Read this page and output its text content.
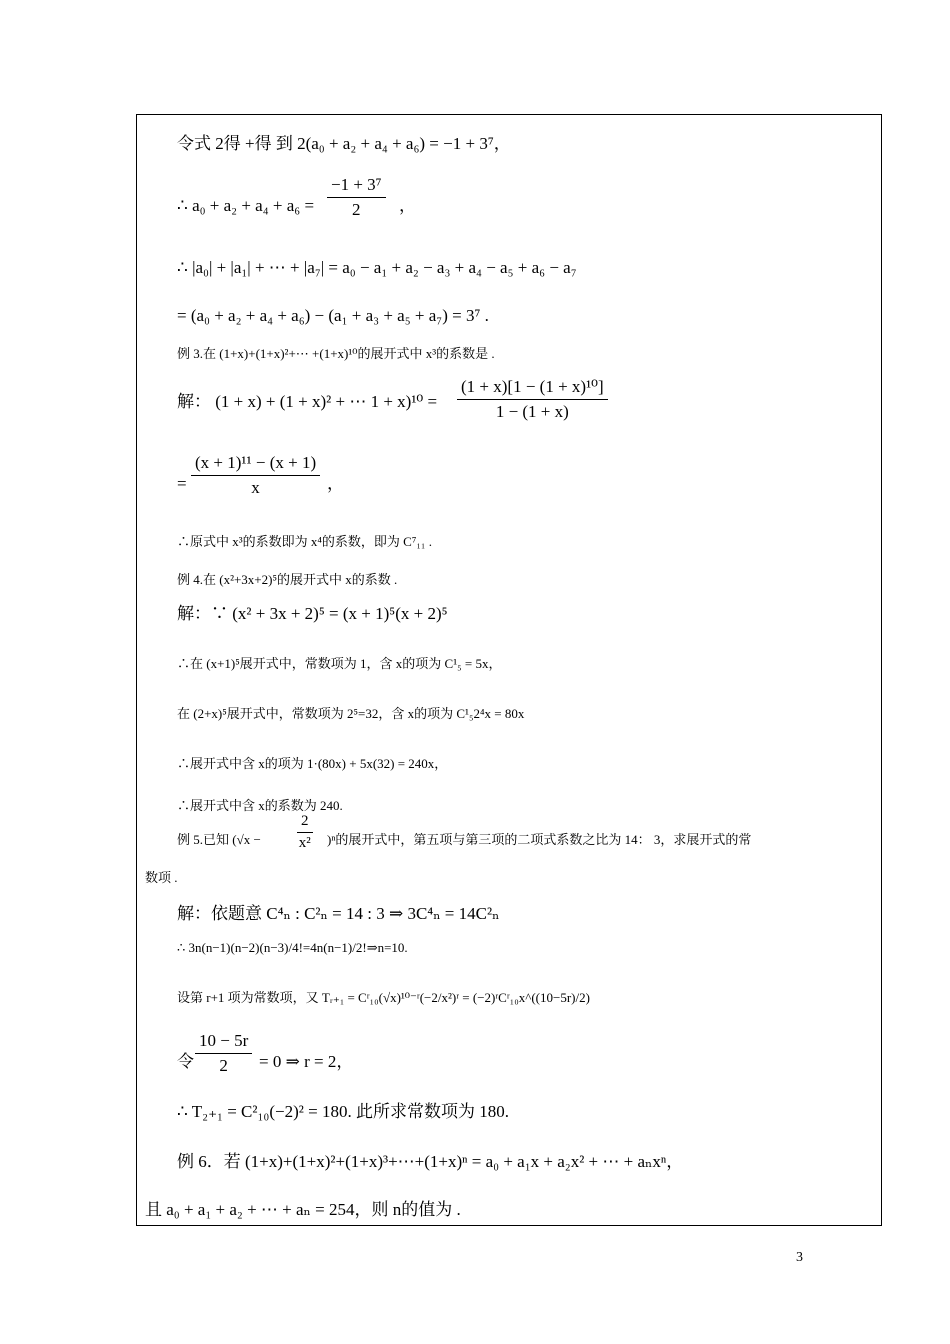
令式 2得 +得 到 2(a₀ + a₂ + a₄ + a₆) = −1 + 3⁷，
∴ $a_0 + a_2 + a_4 + a_6 = \frac{\text{−1 + 3⁷}}{2}$ ，
∴ |a₀| + |a₁| + ⋯ + |a₇| = a₀ − a₁ + a₂ − a₃ + a₄ − a₅ + a₆ − a₇
= (a₀ + a₂ + a₄ + a₆) − (a₁ + a₃ + a₅ + a₇) = 3⁷ .
例 3.在 (1+x)+(1+x)²+⋯ +(1+x)¹⁰的展开式中 x³的系数是 .
解： (1 + x) + (1 + x)² + ⋯ $1 + x)^{10} = \frac{\text{(1 + x)[1 − (1 + x)¹⁰]}}{1 - (1 + x)}$
= $\frac{\text{(x + 1)¹¹ − (x + 1)}}{x}$ ，
∴原式中 x³的系数即为 x⁴的系数，即为 C⁷₁₁ .
例 4.在 (x²+3x+2)⁵的展开式中 x的系数 .
解：∵ (x² + 3x + 2)⁵ = (x + 1)⁵(x + 2)⁵
∴在 (x+1)⁵展开式中，常数项为 1，含 x的项为 C¹₅ = 5x，
在 (2+x)⁵展开式中，常数项为 2⁵=32，含 x的项为 C¹₅2⁴x = 80x
∴展开式中含 x的项为 1·(80x) + 5x(32) = 240x，
∴展开式中含 x的系数为 240.
例 5.已知 $(√x - \frac{2}{\text{x²}} )^n$的展开式中，第五项与第三项的二项式系数之比为 14： 3，求展开式的常
数项 .
解：依题意 C⁴ₙ : C²ₙ = 14 : 3 ⇒ 3C⁴ₙ = 14C²ₙ
∴ 3n(n−1)(n−2)(n−3)/4!=4n(n−1)/2!⇒n=10.
设第 r+1 项为常数项，又 Tᵣ₊₁ = Cʳ₁₀(√x)¹⁰⁻ʳ(−2/x²)ʳ = (−2)ʳCʳ₁₀x^((10−5r)/2)
令 $\frac{10 - 5r}{2} = 0$ ⇒ r = 2，
∴ T₂₊₁ = C²₁₀(−2)² = 180. 此所求常数项为 180.
例 6．若 (1+x)+(1+x)²+(1+x)³+⋯+(1+x)ⁿ = a₀ + a₁x + a₂x² + ⋯ + aₙxⁿ，
且 a₀ + a₁ + a₂ + ⋯ + aₙ = 254，则 n的值为 .
3
